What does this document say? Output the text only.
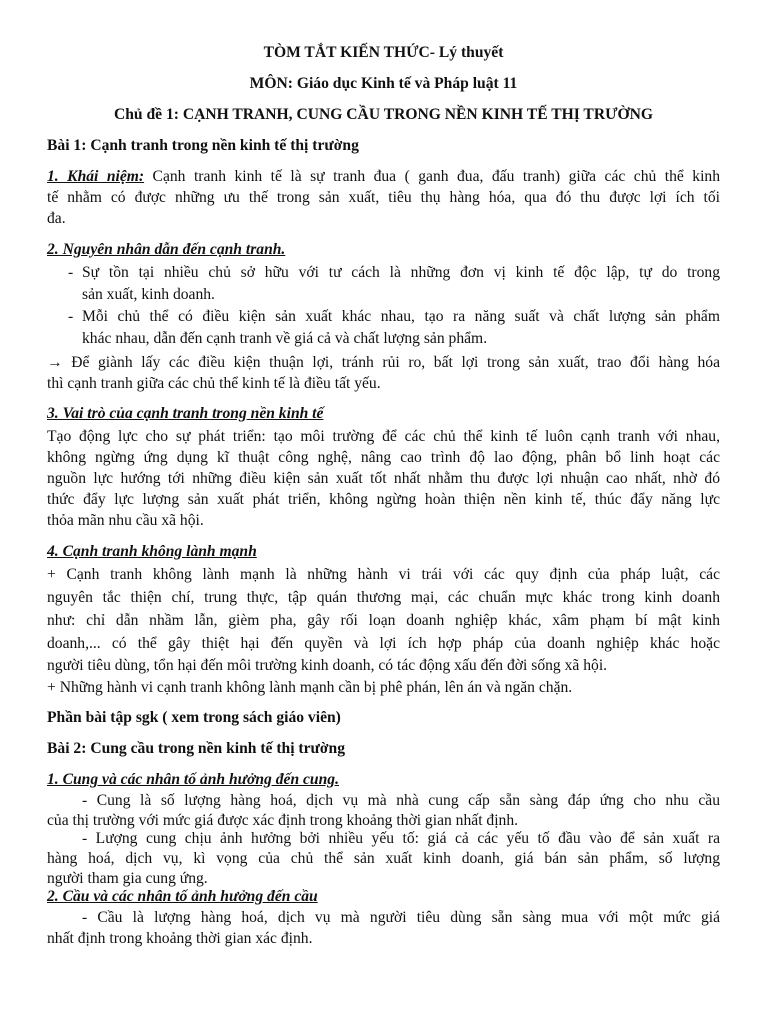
TÒM TẮT KIẾN THỨC- Lý thuyết
MÔN: Giáo dục Kinh tế và Pháp luật 11
Chủ đề 1: CẠNH TRANH, CUNG CẦU TRONG NỀN KINH TẾ THỊ TRƯỜNG
Bài 1: Cạnh tranh trong nền kinh tế thị trường
1. Khái niệm: Cạnh tranh kinh tế là sự tranh đua ( ganh đua, đấu tranh) giữa các chủ thể kinh
tế nhằm có được những ưu thế trong sản xuất, tiêu thụ hàng hóa, qua đó thu được lợi ích tối
đa.
2. Nguyên nhân dẫn đến cạnh tranh.
- Sự tồn tại nhiều chủ sở hữu với tư cách là những đơn vị kinh tế độc lập, tự do trong
sản xuất, kinh doanh.
- Mỗi chủ thể có điều kiện sản xuất khác nhau, tạo ra năng suất và chất lượng sản phẩm
khác nhau, dẫn đến cạnh tranh về giá cả và chất lượng sản phẩm.
→ Để giành lấy các điều kiện thuận lợi, tránh rủi ro, bất lợi trong sản xuất, trao đổi hàng hóa
thì cạnh tranh giữa các chủ thể kinh tế là điều tất yếu.
3. Vai trò của cạnh tranh trong nền kinh tế
Tạo động lực cho sự phát triển: tạo môi trường để các chủ thể kinh tế luôn cạnh tranh với nhau,
không ngừng ứng dụng kĩ thuật công nghệ, nâng cao trình độ lao động, phân bổ linh hoạt các
nguồn lực hướng tới những điều kiện sản xuất tốt nhất nhằm thu được lợi nhuận cao nhất, nhờ đó
thức đẩy lực lượng sản xuất phát triển, không ngừng hoàn thiện nền kinh tế, thúc đẩy năng lực
thỏa mãn nhu cầu xã hội.
4. Cạnh tranh không lành mạnh
+ Cạnh tranh không lành mạnh là những hành vi trái với các quy định của pháp luật, các
nguyên tắc thiện chí, trung thực, tập quán thương mại, các chuẩn mực khác trong kinh doanh
như: chỉ dẫn nhầm lẫn, gièm pha, gây rối loạn doanh nghiệp khác, xâm phạm bí mật kinh
doanh,... có thể gây thiệt hại đến quyền và lợi ích hợp pháp của doanh nghiệp khác hoặc
người tiêu dùng, tổn hại đến môi trường kinh doanh, có tác động xấu đến đời sống xã hội.
+ Những hành vi cạnh tranh không lành mạnh cần bị phê phán, lên án và ngăn chặn.
Phần bài tập sgk ( xem trong sách giáo viên)
Bài 2: Cung cầu trong nền kinh tế thị trường
1. Cung và các nhân tố ảnh hưởng đến cung.
- Cung là số lượng hàng hoá, dịch vụ mà nhà cung cấp sẵn sàng đáp ứng cho nhu cầu
của thị trường với mức giá được xác định trong khoảng thời gian nhất định.
- Lượng cung chịu ảnh hưởng bởi nhiều yếu tố: giá cả các yếu tố đầu vào để sản xuất ra
hàng hoá, dịch vụ, kì vọng của chủ thể sản xuất kinh doanh, giá bán sản phẩm, số lượng
người tham gia cung ứng.
2. Cầu và các nhân tố ảnh hưởng đến cầu
- Cầu là lượng hàng hoá, dịch vụ mà người tiêu dùng sẵn sàng mua với một mức giá
nhất định trong khoảng thời gian xác định.
